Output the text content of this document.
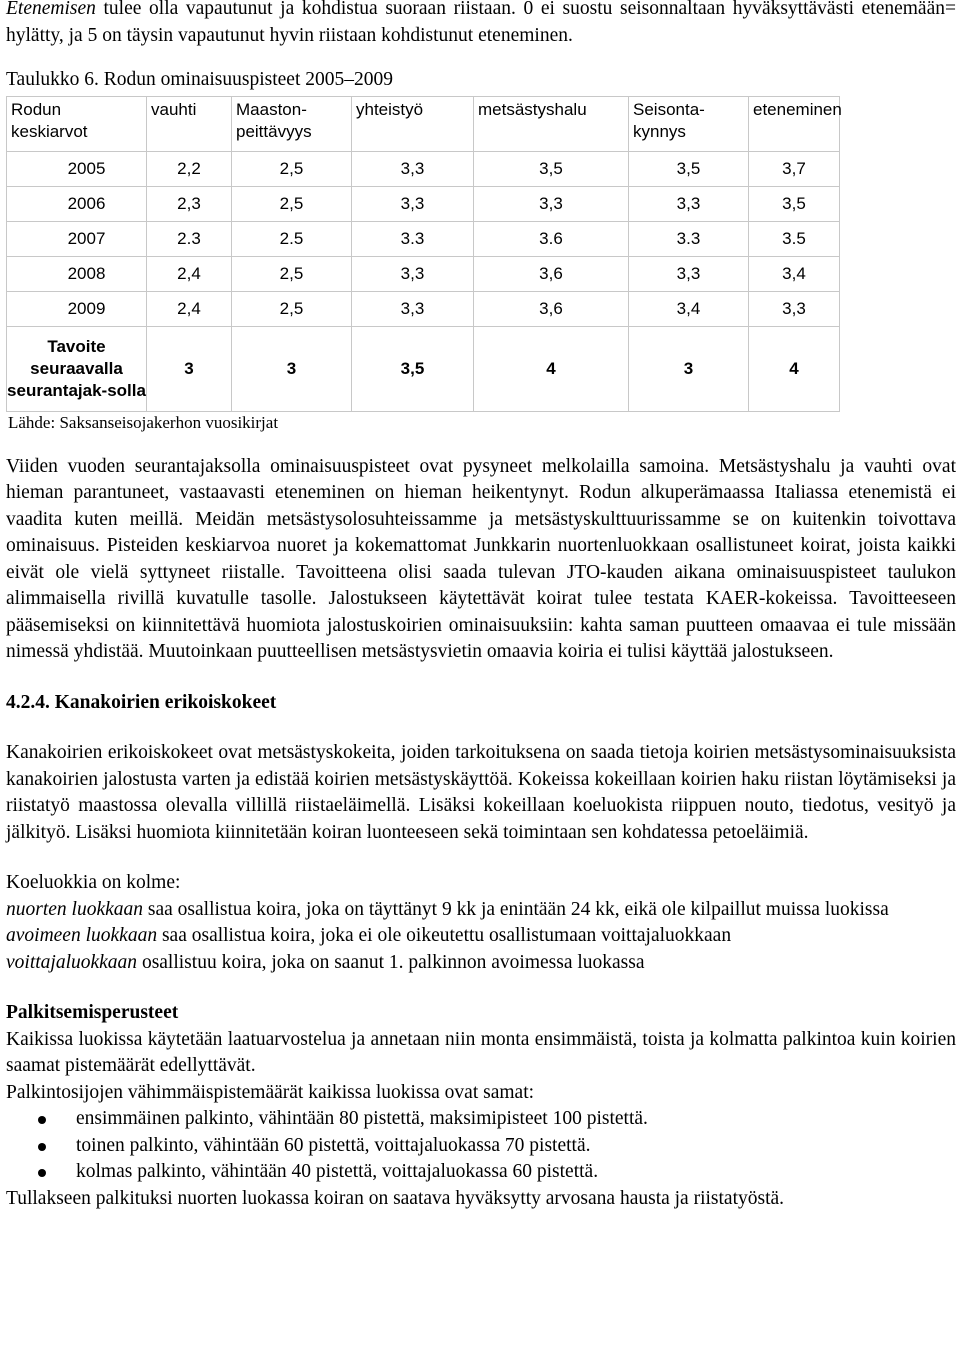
Etenemisen tulee olla vapautunut ja kohdistua suoraan riistaan. 0 ei suostu seisonnaltaan hyväksyttävästi etenemään= hylätty, ja 5 on täysin vapautunut hyvin riistaan kohdistunut eteneminen.

Taulukko 6. Rodun ominaisuuspisteet 2005–2009

Rodun keskiarvot	vauhti	Maaston-peittävyys	yhteistyö	metsästyshalu	Seisonta-kynnys	eteneminen
2005	2,2	2,5	3,3	3,5	3,5	3,7
2006	2,3	2,5	3,3	3,3	3,3	3,5
2007	2.3	2.5	3.3	3.6	3.3	3.5
2008	2,4	2,5	3,3	3,6	3,3	3,4
2009	2,4	2,5	3,3	3,6	3,4	3,3
Tavoite seuraavalla seurantajak-solla	3	3	3,5	4	3	4
Lähde: Saksanseisojakerhon vuosikirjat

Viiden vuoden seurantajaksolla ominaisuuspisteet ovat pysyneet melkolailla samoina. Metsästyshalu ja vauhti ovat hieman parantuneet, vastaavasti eteneminen on hieman heikentynyt. Rodun alkuperämaassa Italiassa etenemistä ei vaadita kuten meillä. Meidän metsästysolosuhteissamme ja metsästyskulttuurissamme se on kuitenkin toivottava ominaisuus. Pisteiden keskiarvoa nuoret ja kokemattomat Junkkarin nuortenluokkaan osallistuneet koirat, joista kaikki eivät ole vielä syttyneet riistalle. Tavoitteena olisi saada tulevan JTO-kauden aikana ominaisuuspisteet taulukon alimmaisella rivillä kuvatulle tasolle. Jalostukseen käytettävät koirat tulee testata KAER-kokeissa. Tavoitteeseen pääsemiseksi on kiinnitettävä huomiota jalostuskoirien ominaisuuksiin: kahta saman puutteen omaavaa ei tule missään nimessä yhdistää. Muutoinkaan puutteellisen metsästysvietin omaavia koiria ei tulisi käyttää jalostukseen.

4.2.4. Kanakoirien erikoiskokeet

Kanakoirien erikoiskokeet ovat metsästyskokeita, joiden tarkoituksena on saada tietoja koirien metsästysominaisuuksista kanakoirien jalostusta varten ja edistää koirien metsästyskäyttöä. Kokeissa kokeillaan koirien haku riistan löytämiseksi ja riistatyö maastossa olevalla villillä riistaeläimellä. Lisäksi kokeillaan koeluokista riippuen nouto, tiedotus, vesityö ja jälkityö. Lisäksi huomiota kiinnitetään koiran luonteeseen sekä toimintaan sen kohdatessa petoeläimiä.

Koeluokkia on kolme:

nuorten luokkaan saa osallistua koira, joka on täyttänyt 9 kk ja enintään 24 kk, eikä ole kilpaillut muissa luokissa

avoimeen luokkaan saa osallistua koira, joka ei ole oikeutettu osallistumaan voittajaluokkaan

voittajaluokkaan osallistuu koira, joka on saanut 1. palkinnon avoimessa luokassa

Palkitsemisperusteet

Kaikissa luokissa käytetään laatuarvostelua ja annetaan niin monta ensimmäistä, toista ja kolmatta palkintoa kuin koirien saamat pistemäärät edellyttävät.

Palkintosijojen vähimmäispistemäärät kaikissa luokissa ovat samat:

ensimmäinen palkinto, vähintään 80 pistettä, maksimipisteet 100 pistettä.
toinen palkinto, vähintään 60 pistettä, voittajaluokassa 70 pistettä.
kolmas palkinto, vähintään 40 pistettä, voittajaluokassa 60 pistettä.

Tullakseen palkituksi nuorten luokassa koiran on saatava hyväksytty arvosana hausta ja riistatyöstä.
